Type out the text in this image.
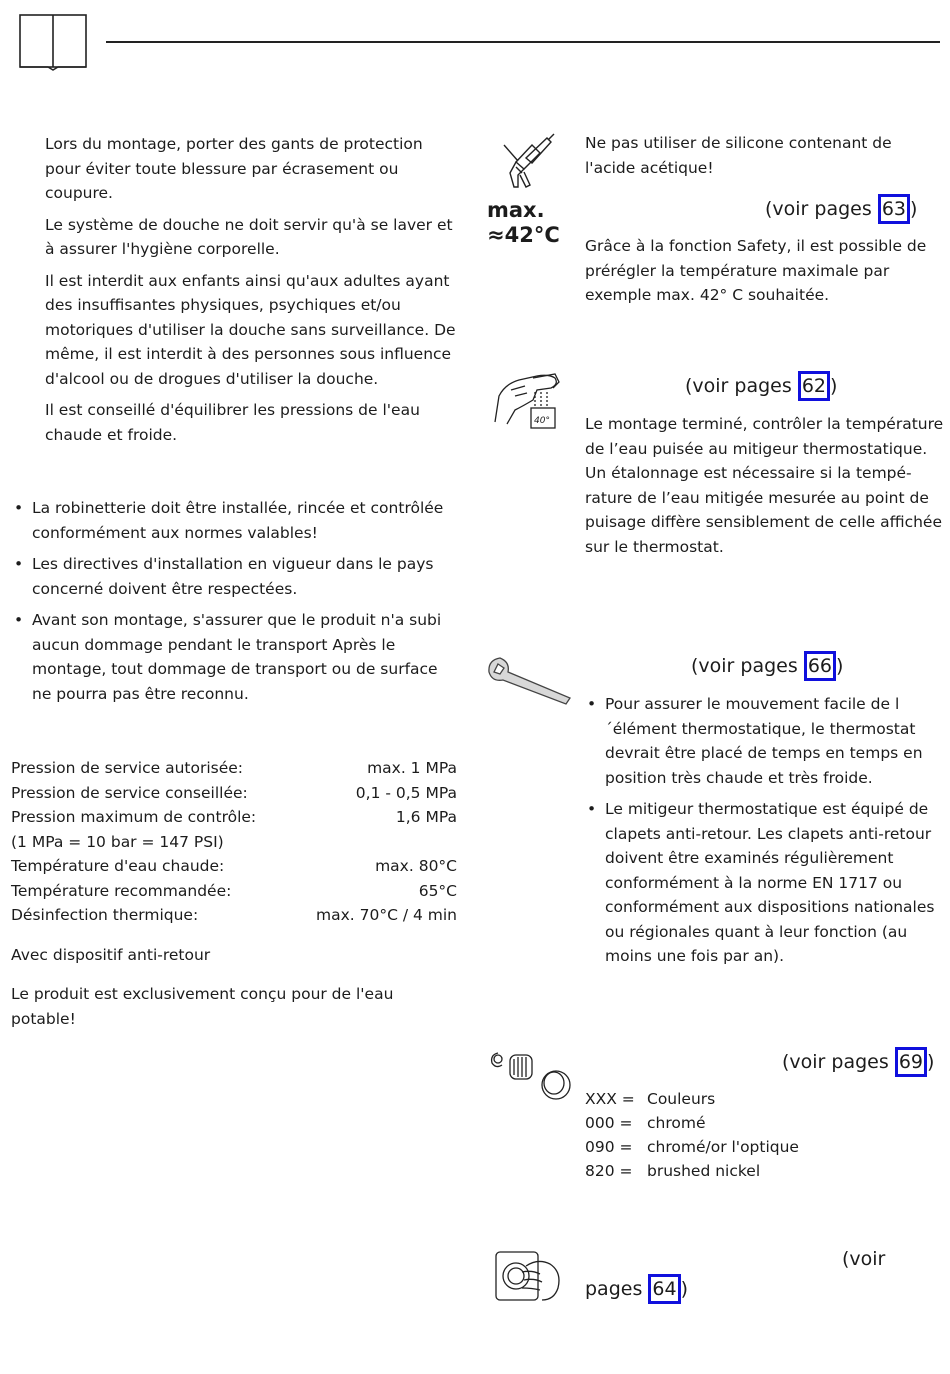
Lors du montage, porter des gants de protection pour éviter toute blessure par écrasement ou coupure.

Le système de douche ne doit servir qu'à se laver et à assurer l'hygiène corporelle.

Il est interdit aux enfants ainsi qu'aux adultes ayant des insuffisantes physiques, psychiques et/ou motoriques d'utiliser la douche sans surveillance. De même, il est interdit à des personnes sous influence d'alcool ou de drogues d'utiliser la douche.

Il est conseillé d'équilibrer les pressions de l'eau chaude et froide.

• La robinetterie doit être installée, rincée et contrôlée conformément aux normes valables!
• Les directives d'installation en vigueur dans le pays concerné doivent être respectées.
• Avant son montage, s'assurer que le produit n'a subi aucun dommage pendant le transport Après le montage, tout dommage de transport ou de surface ne pourra pas être reconnu.
Pression de service autorisée:	max. 1 MPa
Pression de service conseillée:	0,1 - 0,5 MPa
Pression maximum de contrôle:	1,6 MPa
(1 MPa = 10 bar = 147 PSI)
Température d'eau chaude:	max. 80°C
Température recommandée:	65°C
Désinfection thermique:	max. 70°C / 4 min

Avec dispositif anti-retour

Le produit est exclusivement conçu pour de l'eau potable!

Ne pas utiliser de silicone contenant de l'acide acétique!

max.
≈42°C
(voir pages 63 )

Grâce à la fonction Safety, il est possible de prérégler la température maximale par exemple max. 42° C souhaitée.

40°
(voir pages 62 )

Le montage terminé, contrôler la température de l’eau puisée au mitigeur thermostatique. Un étalonnage est nécessaire si la tempé-rature de l’eau mitigée mesurée au point de puisage diffère sensiblement de celle affichée sur le thermostat.

(voir pages 66 )
• Pour assurer le mouvement facile de l´élément thermostatique, le thermostat devrait être placé de temps en temps en position très chaude et très froide.
• Le mitigeur thermostatique est équipé de clapets anti-retour. Les clapets anti-retour doivent être examinés régulièrement conformément à la norme EN 1717 ou conformément aux dispositions nationales ou régionales quant à leur fonction (au moins une fois par an).
(voir pages 69 )
XXX = Couleurs
000 = chromé
090 = chromé/or l'optique
820 = brushed nickel
(voir
pages 64 )
